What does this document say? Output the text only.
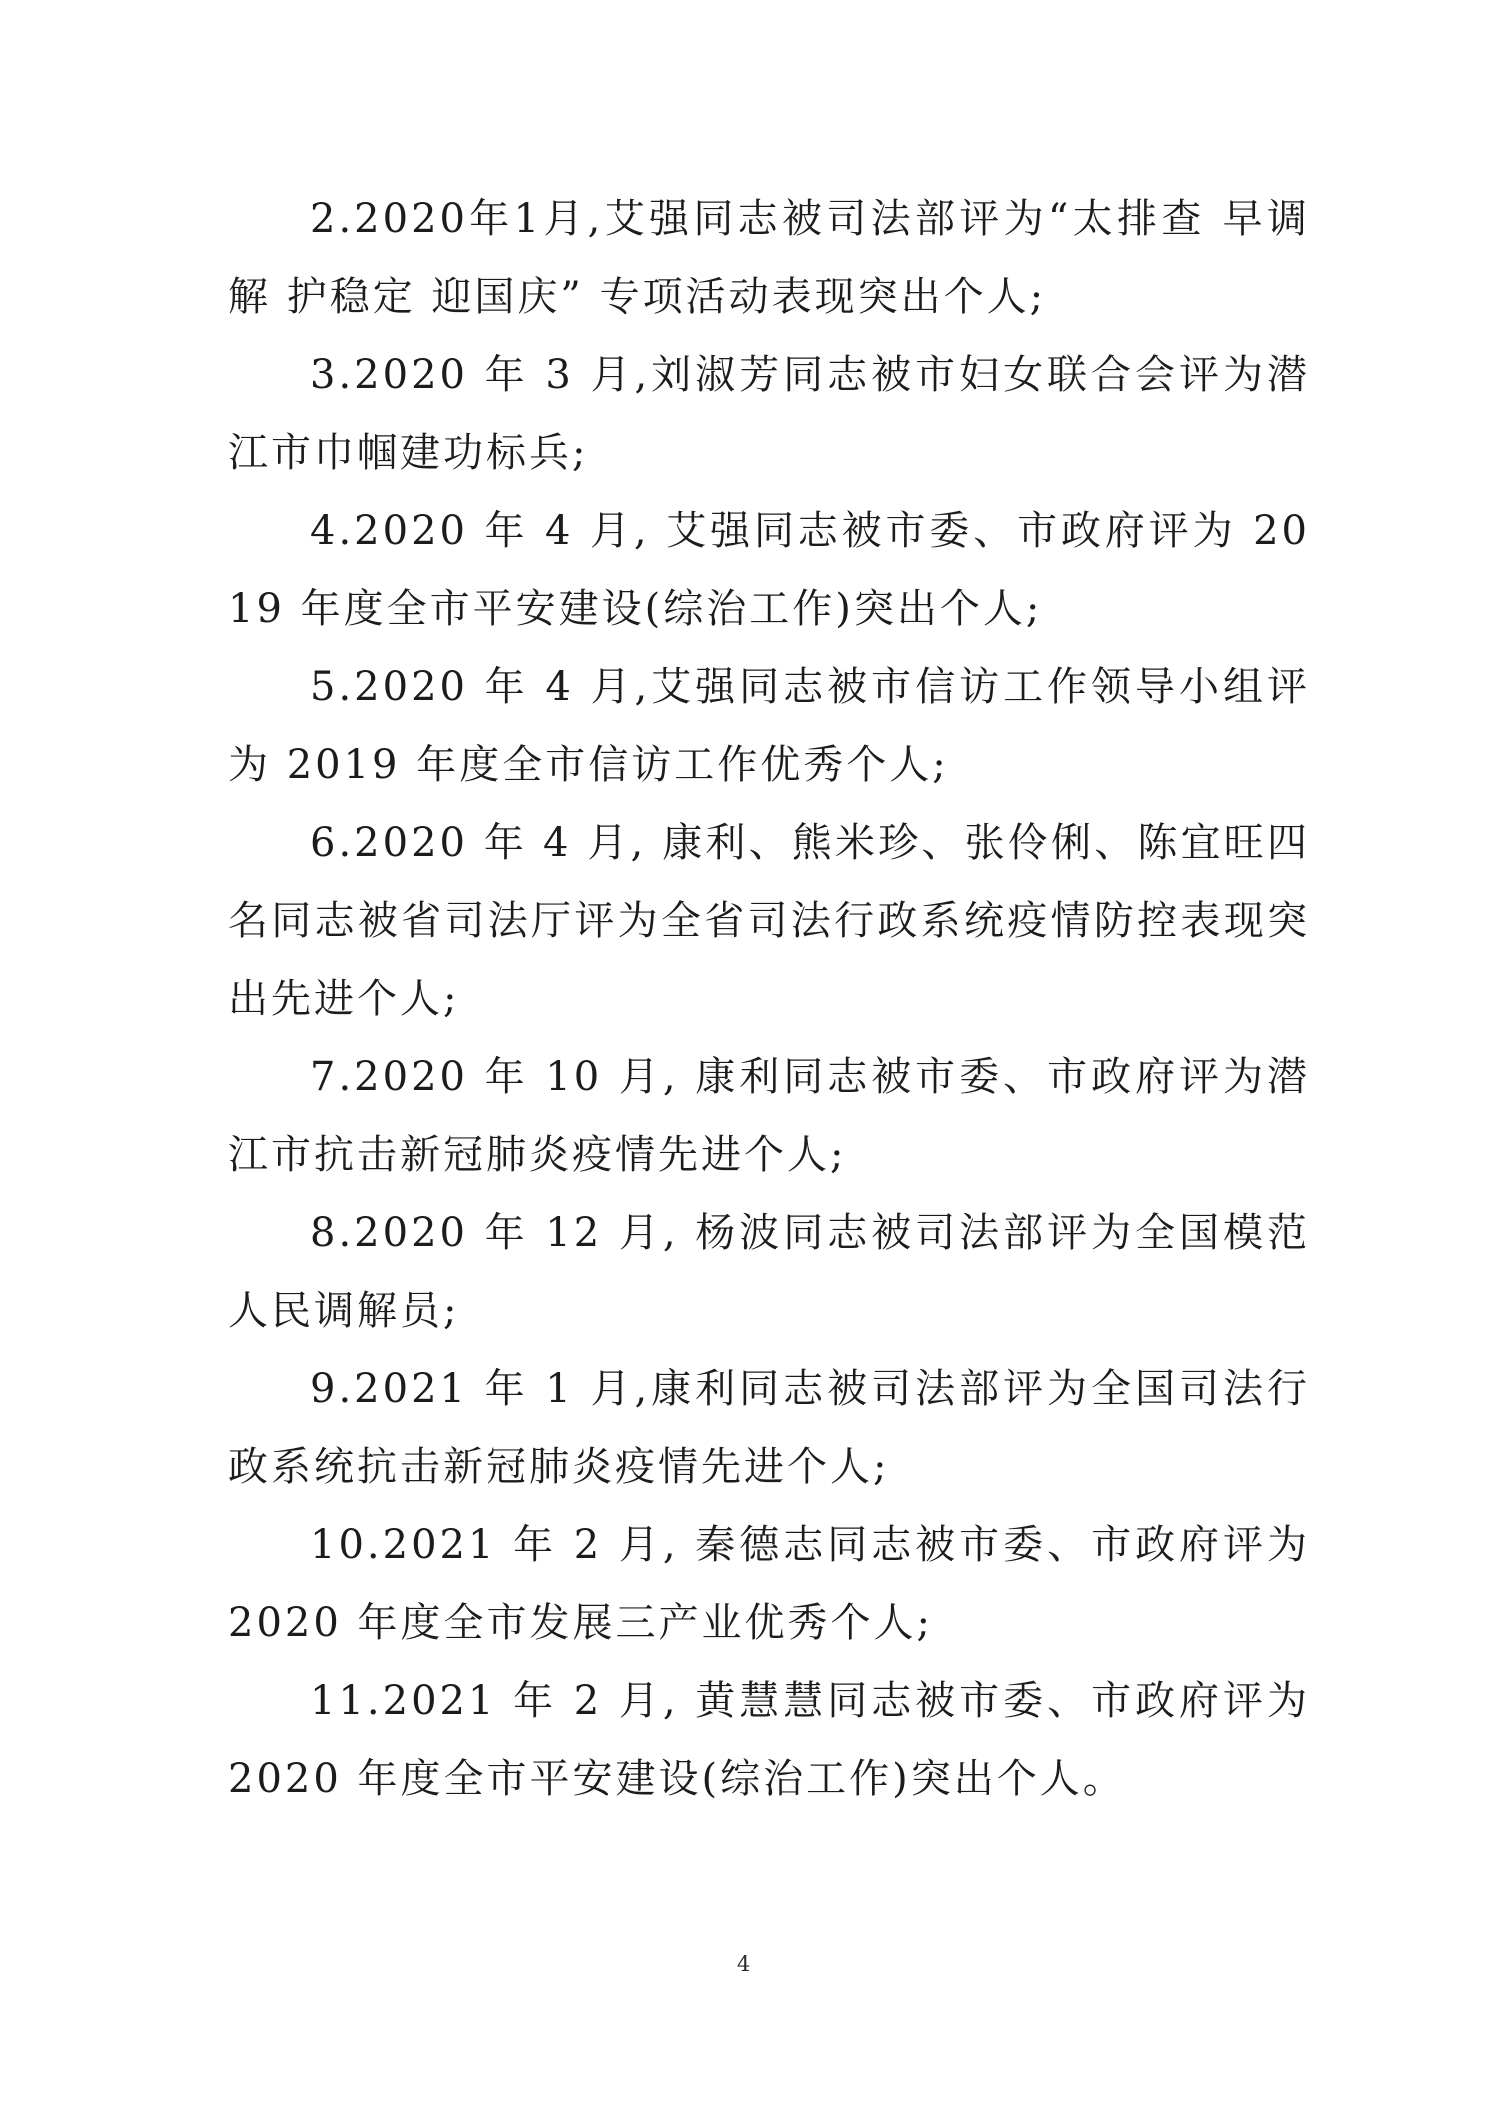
2.2020年1月,艾强同志被司法部评为“太排查 早调解 护稳定 迎国庆” 专项活动表现突出个人;

3.2020 年 3 月,刘淑芳同志被市妇女联合会评为潜江市巾帼建功标兵;

4.2020 年 4 月, 艾强同志被市委、市政府评为 2019 年度全市平安建设(综治工作)突出个人;

5.2020 年 4 月,艾强同志被市信访工作领导小组评为 2019 年度全市信访工作优秀个人;

6.2020 年 4 月, 康利、熊米珍、张伶俐、陈宜旺四名同志被省司法厅评为全省司法行政系统疫情防控表现突出先进个人;

7.2020 年 10 月, 康利同志被市委、市政府评为潜江市抗击新冠肺炎疫情先进个人;

8.2020 年 12 月, 杨波同志被司法部评为全国模范人民调解员;

9.2021 年 1 月,康利同志被司法部评为全国司法行政系统抗击新冠肺炎疫情先进个人;

10.2021 年 2 月, 秦德志同志被市委、市政府评为 2020 年度全市发展三产业优秀个人;

11.2021 年 2 月, 黄慧慧同志被市委、市政府评为 2020 年度全市平安建设(综治工作)突出个人。

4
